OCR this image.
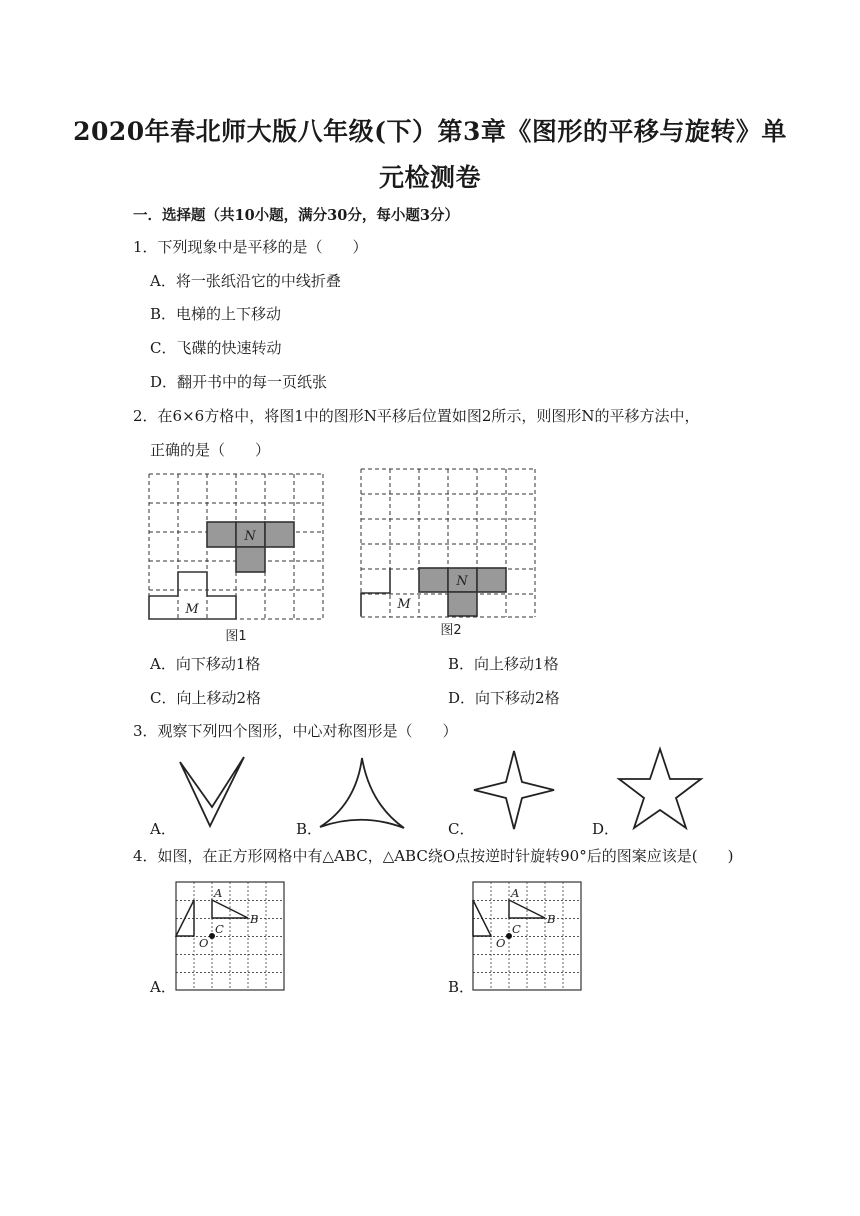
2020年春北师大版八年级(下）第3章《图形的平移与旋转》单
元检测卷
一．选择题（共10小题，满分30分，每小题3分）
1．下列现象中是平移的是（　　）
A．将一张纸沿它的中线折叠
B．电梯的上下移动
C．飞碟的快速转动
D．翻开书中的每一页纸张
2．在6×6方格中，将图1中的图形N平移后位置如图2所示，则图形N的平移方法中，
正确的是（　　）
N
M
图1
N
M
图2
A．向下移动1格	B．向上移动1格
C．向上移动2格	D．向下移动2格
3．观察下列四个图形，中心对称图形是（　　）
A．	B．	C．	D．
4．如图，在正方形网格中有△ABC，△ABC绕O点按逆时针旋转90°后的图案应该是(　　)
A
B
C
O
A．
A
B
C
O
B．
